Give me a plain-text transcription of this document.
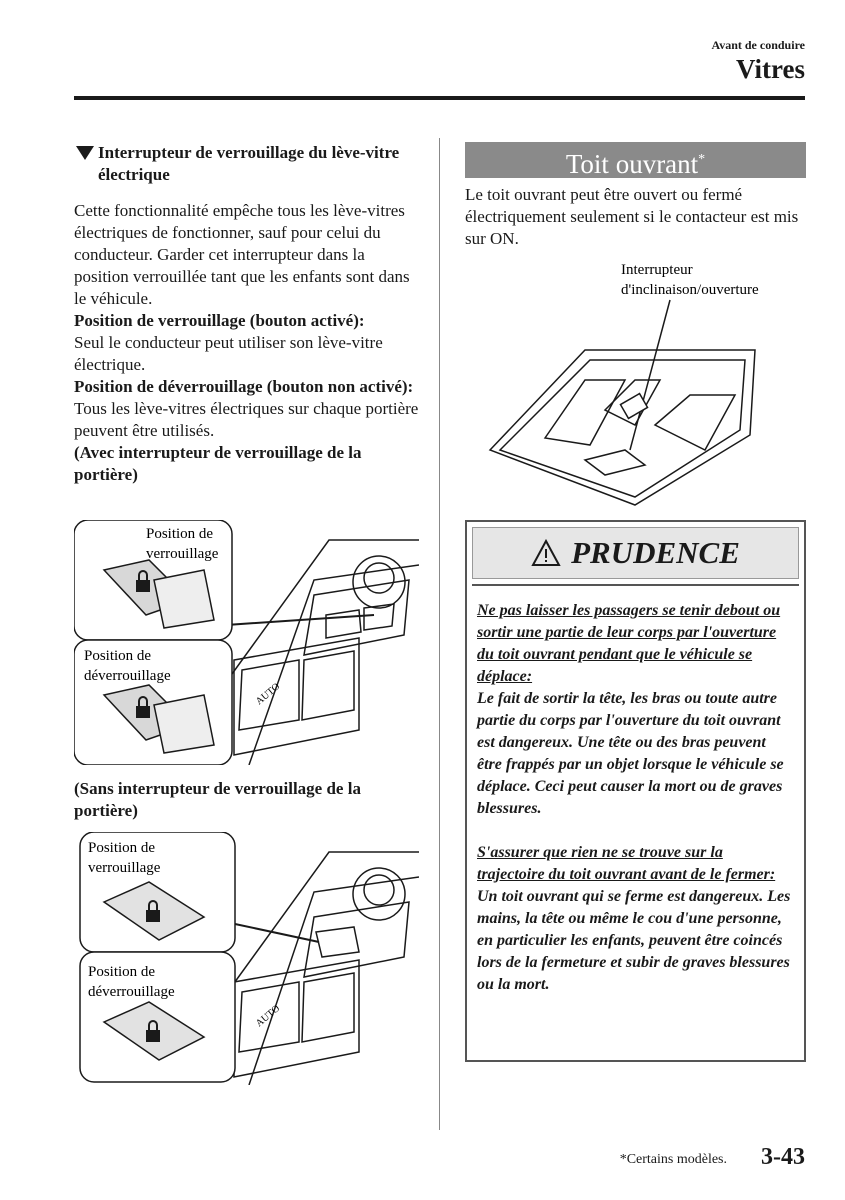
Avant de conduire
Vitres

Interrupteur de verrouillage du lève-vitre électrique

Cette fonctionnalité empêche tous les lève-vitres électriques de fonctionner, sauf pour celui du conducteur. Garder cet interrupteur dans la position verrouillée tant que les enfants sont dans le véhicule.

Position de verrouillage (bouton activé):

Seul le conducteur peut utiliser son lève-vitre électrique.

Position de déverrouillage (bouton non activé):

Tous les lève-vitres électriques sur chaque portière peuvent être utilisés.

(Avec interrupteur de verrouillage de la portière)

AUTO
Position de verrouillage Position de déverrouillage
(Sans interrupteur de verrouillage de la portière)
AUTO
Position de verrouillage Position de déverrouillage
Toit ouvrant*

Le toit ouvrant peut être ouvert ou fermé électriquement seulement si le contacteur est mis sur ON.

Interrupteur d'inclinaison/ouverture
PRUDENCE

Ne pas laisser les passagers se tenir debout ou sortir une partie de leur corps par l'ouverture du toit ouvrant pendant que le véhicule se déplace:

Le fait de sortir la tête, les bras ou toute autre partie du corps par l'ouverture du toit ouvrant est dangereux. Une tête ou des bras peuvent être frappés par un objet lorsque le véhicule se déplace. Ceci peut causer la mort ou de graves blessures.

S'assurer que rien ne se trouve sur la trajectoire du toit ouvrant avant de le fermer:

Un toit ouvrant qui se ferme est dangereux. Les mains, la tête ou même le cou d'une personne, en particulier les enfants, peuvent être coincés lors de la fermeture et subir de graves blessures ou la mort.

*Certains modèles. 3-43
